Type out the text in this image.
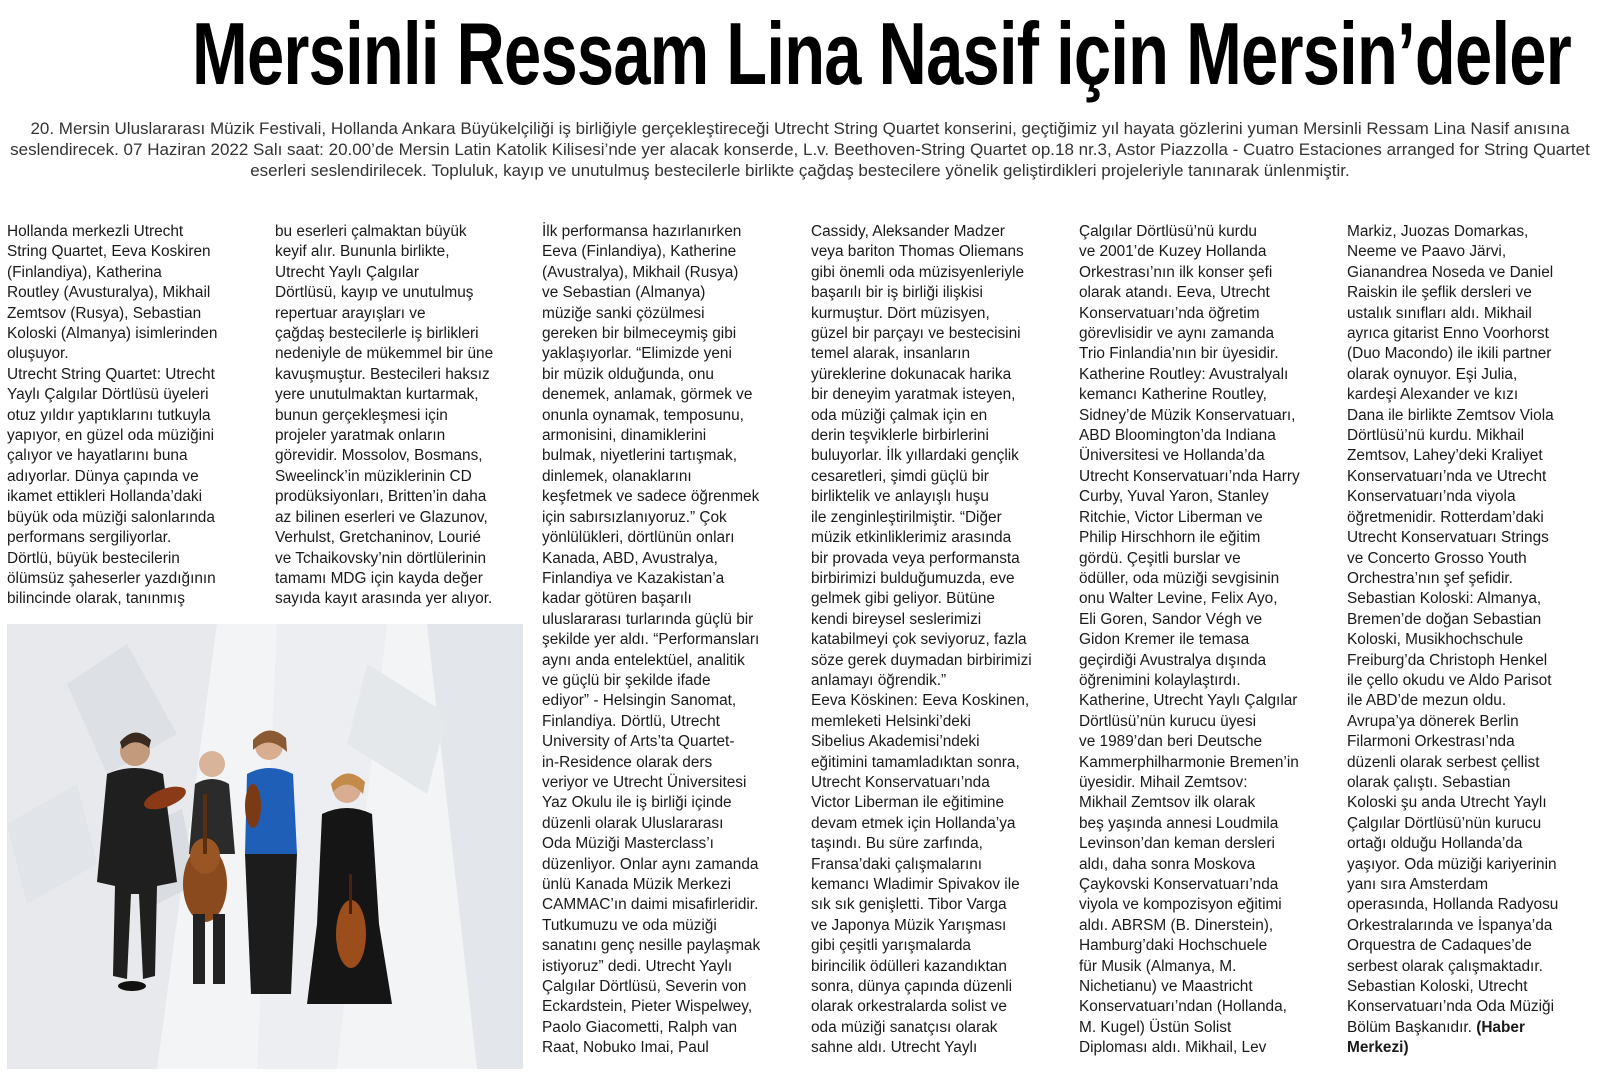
Mersinli Ressam Lina Nasif için Mersin’deler
20. Mersin Uluslararası Müzik Festivali, Hollanda Ankara Büyükelçiliği iş birliğiyle gerçekleştireceği Utrecht String Quartet konserini, geçtiğimiz yıl hayata gözlerini yuman Mersinli Ressam Lina Nasif anısına seslendirecek. 07 Haziran 2022 Salı saat: 20.00’de Mersin Latin Katolik Kilisesi’nde yer alacak konserde, L.v. Beethoven-String Quartet op.18 nr.3, Astor Piazzolla - Cuatro Estaciones arranged for String Quartet eserleri seslendirilecek. Topluluk, kayıp ve unutulmuş bestecilerle birlikte çağdaş bestecilere yönelik geliştirdikleri projeleriyle tanınarak ünlenmiştir.
Hollanda merkezli Utrecht
String Quartet, Eeva Koskiren
(Finlandiya), Katherina
Routley (Avusturalya), Mikhail
Zemtsov (Rusya), Sebastian
Koloski (Almanya) isimlerinden
oluşuyor.
Utrecht String Quartet: Utrecht
Yaylı Çalgılar Dörtlüsü üyeleri
otuz yıldır yaptıklarını tutkuyla
yapıyor, en güzel oda müziğini
çalıyor ve hayatlarını buna
adıyorlar. Dünya çapında ve
ikamet ettikleri Hollanda’daki
büyük oda müziği salonlarında
performans sergiliyorlar.
Dörtlü, büyük bestecilerin
ölümsüz şaheserler yazdığının
bilincinde olarak, tanınmış
bu eserleri çalmaktan büyük
keyif alır. Bununla birlikte,
Utrecht Yaylı Çalgılar
Dörtlüsü, kayıp ve unutulmuş
repertuar arayışları ve
çağdaş bestecilerle iş birlikleri
nedeniyle de mükemmel bir üne
kavuşmuştur. Bestecileri haksız
yere unutulmaktan kurtarmak,
bunun gerçekleşmesi için
projeler yaratmak onların
görevidir. Mossolov, Bosmans,
Sweelinck’in müziklerinin CD
prodüksiyonları, Britten’in daha
az bilinen eserleri ve Glazunov,
Verhulst, Gretchaninov, Lourié
ve Tchaikovsky’nin dörtlülerinin
tamamı MDG için kayda değer
sayıda kayıt arasında yer alıyor.
İlk performansa hazırlanırken
Eeva (Finlandiya), Katherine
(Avustralya), Mikhail (Rusya)
ve Sebastian (Almanya)
müziğe sanki çözülmesi
gereken bir bilmeceymiş gibi
yaklaşıyorlar. “Elimizde yeni
bir müzik olduğunda, onu
denemek, anlamak, görmek ve
onunla oynamak, temposunu,
armonisini, dinamiklerini
bulmak, niyetlerini tartışmak,
dinlemek, olanaklarını
keşfetmek ve sadece öğrenmek
için sabırsızlanıyoruz.” Çok
yönlülükleri, dörtlünün onları
Kanada, ABD, Avustralya,
Finlandiya ve Kazakistan’a
kadar götüren başarılı
uluslararası turlarında güçlü bir
şekilde yer aldı. “Performansları
aynı anda entelektüel, analitik
ve güçlü bir şekilde ifade
ediyor” - Helsingin Sanomat,
Finlandiya. Dörtlü, Utrecht
University of Arts’ta Quartet-
in-Residence olarak ders
veriyor ve Utrecht Üniversitesi
Yaz Okulu ile iş birliği içinde
düzenli olarak Uluslararası
Oda Müziği Masterclass’ı
düzenliyor. Onlar aynı zamanda
ünlü Kanada Müzik Merkezi
CAMMAC’ın daimi misafirleridir.
Tutkumuzu ve oda müziği
sanatını genç nesille paylaşmak
istiyoruz” dedi. Utrecht Yaylı
Çalgılar Dörtlüsü, Severin von
Eckardstein, Pieter Wispelwey,
Paolo Giacometti, Ralph van
Raat, Nobuko Imai, Paul
Cassidy, Aleksander Madzer
veya bariton Thomas Oliemans
gibi önemli oda müzisyenleriyle
başarılı bir iş birliği ilişkisi
kurmuştur. Dört müzisyen,
güzel bir parçayı ve bestecisini
temel alarak, insanların
yüreklerine dokunacak harika
bir deneyim yaratmak isteyen,
oda müziği çalmak için en
derin teşviklerle birbirlerini
buluyorlar. İlk yıllardaki gençlik
cesaretleri, şimdi güçlü bir
birliktelik ve anlayışlı huşu
ile zenginleştirilmiştir. “Diğer
müzik etkinliklerimiz arasında
bir provada veya performansta
birbirimizi bulduğumuzda, eve
gelmek gibi geliyor. Bütüne
kendi bireysel seslerimizi
katabilmeyi çok seviyoruz, fazla
söze gerek duymadan birbirimizi
anlamayı öğrendik.”
Eeva Köskinen: Eeva Koskinen,
memleketi Helsinki’deki
Sibelius Akademisi’ndeki
eğitimini tamamladıktan sonra,
Utrecht Konservatuarı’nda
Victor Liberman ile eğitimine
devam etmek için Hollanda’ya
taşındı. Bu süre zarfında,
Fransa’daki çalışmalarını
kemancı Wladimir Spivakov ile
sık sık genişletti. Tibor Varga
ve Japonya Müzik Yarışması
gibi çeşitli yarışmalarda
birincilik ödülleri kazandıktan
sonra, dünya çapında düzenli
olarak orkestralarda solist ve
oda müziği sanatçısı olarak
sahne aldı. Utrecht Yaylı
Çalgılar Dörtlüsü’nü kurdu
ve 2001’de Kuzey Hollanda
Orkestrası’nın ilk konser şefi
olarak atandı. Eeva, Utrecht
Konservatuarı’nda öğretim
görevlisidir ve aynı zamanda
Trio Finlandia’nın bir üyesidir.
Katherine Routley: Avustralyalı
kemancı Katherine Routley,
Sidney’de Müzik Konservatuarı,
ABD Bloomington’da Indiana
Üniversitesi ve Hollanda’da
Utrecht Konservatuarı’nda Harry
Curby, Yuval Yaron, Stanley
Ritchie, Victor Liberman ve
Philip Hirschhorn ile eğitim
gördü. Çeşitli burslar ve
ödüller, oda müziği sevgisinin
onu Walter Levine, Felix Ayo,
Eli Goren, Sandor Végh ve
Gidon Kremer ile temasa
geçirdiği Avustralya dışında
öğrenimini kolaylaştırdı.
Katherine, Utrecht Yaylı Çalgılar
Dörtlüsü’nün kurucu üyesi
ve 1989’dan beri Deutsche
Kammerphilharmonie Bremen’in
üyesidir. Mihail Zemtsov:
Mikhail Zemtsov ilk olarak
beş yaşında annesi Loudmila
Levinson’dan keman dersleri
aldı, daha sonra Moskova
Çaykovski Konservatuarı’nda
viyola ve kompozisyon eğitimi
aldı. ABRSM (B. Dinerstein),
Hamburg’daki Hochschuele
für Musik (Almanya, M.
Nichetianu) ve Maastricht
Konservatuarı’ndan (Hollanda,
M. Kugel) Üstün Solist
Diploması aldı. Mikhail, Lev
Markiz, Juozas Domarkas,
Neeme ve Paavo Järvi,
Gianandrea Noseda ve Daniel
Raiskin ile şeflik dersleri ve
ustalık sınıfları aldı. Mikhail
ayrıca gitarist Enno Voorhorst
(Duo Macondo) ile ikili partner
olarak oynuyor. Eşi Julia,
kardeşi Alexander ve kızı
Dana ile birlikte Zemtsov Viola
Dörtlüsü’nü kurdu. Mikhail
Zemtsov, Lahey’deki Kraliyet
Konservatuarı’nda ve Utrecht
Konservatuarı’nda viyola
öğretmenidir. Rotterdam’daki
Utrecht Konservatuarı Strings
ve Concerto Grosso Youth
Orchestra’nın şef şefidir.
Sebastian Koloski: Almanya,
Bremen’de doğan Sebastian
Koloski, Musikhochschule
Freiburg’da Christoph Henkel
ile çello okudu ve Aldo Parisot
ile ABD’de mezun oldu.
Avrupa’ya dönerek Berlin
Filarmoni Orkestrası’nda
düzenli olarak serbest çellist
olarak çalıştı. Sebastian
Koloski şu anda Utrecht Yaylı
Çalgılar Dörtlüsü’nün kurucu
ortağı olduğu Hollanda’da
yaşıyor. Oda müziği kariyerinin
yanı sıra Amsterdam
operasında, Hollanda Radyosu
Orkestralarında ve İspanya’da
Orquestra de Cadaques’de
serbest olarak çalışmaktadır.
Sebastian Koloski, Utrecht
Konservatuarı’nda Oda Müziği
Bölüm Başkanıdır. (Haber
Merkezi)
